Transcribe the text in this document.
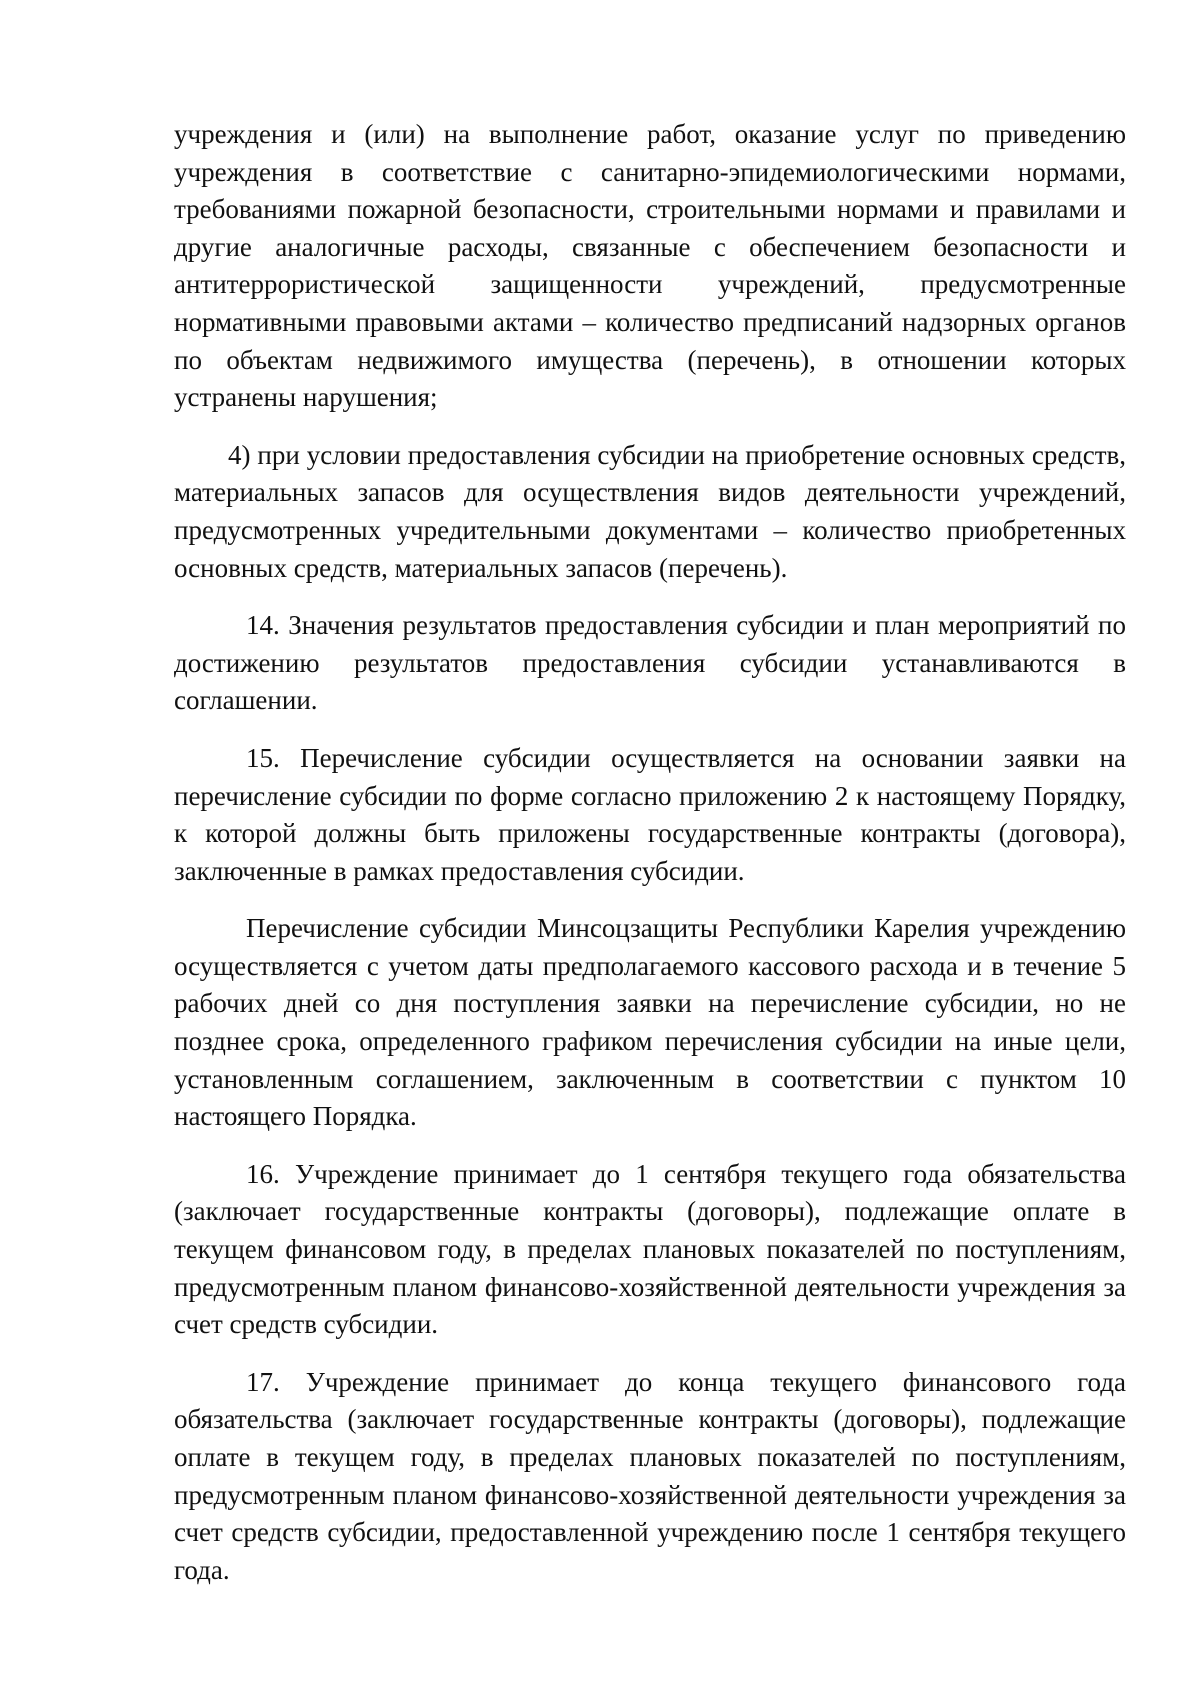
учреждения и (или) на выполнение работ, оказание услуг по приведению учреждения в соответствие с санитарно-эпидемиологическими нормами, требованиями пожарной безопасности, строительными нормами и правилами и другие аналогичные расходы, связанные с обеспечением безопасности и антитеррористической защищенности учреждений, предусмотренные нормативными правовыми актами – количество предписаний надзорных органов по объектам недвижимого имущества (перечень), в отношении которых устранены нарушения;

4) при условии предоставления субсидии на приобретение основных средств, материальных запасов для осуществления видов деятельности учреждений, предусмотренных учредительными документами – количество приобретенных основных средств, материальных запасов (перечень).

14. Значения результатов предоставления субсидии и план мероприятий по достижению результатов предоставления субсидии устанавливаются в соглашении.

15. Перечисление субсидии осуществляется на основании заявки на перечисление субсидии по форме согласно приложению 2 к настоящему Порядку, к которой должны быть приложены государственные контракты (договора), заключенные в рамках предоставления субсидии.

Перечисление субсидии Минсоцзащиты Республики Карелия учреждению осуществляется с учетом даты предполагаемого кассового расхода и в течение 5 рабочих дней со дня поступления заявки на перечисление субсидии, но не позднее срока, определенного графиком перечисления субсидии на иные цели, установленным соглашением, заключенным в соответствии с пунктом 10 настоящего Порядка.

16. Учреждение принимает до 1 сентября текущего года обязательства (заключает государственные контракты (договоры), подлежащие оплате в текущем финансовом году, в пределах плановых показателей по поступлениям, предусмотренным планом финансово-хозяйственной деятельности учреждения за счет средств субсидии.

17. Учреждение принимает до конца текущего финансового года обязательства (заключает государственные контракты (договоры), подлежащие оплате в текущем году, в пределах плановых показателей по поступлениям, предусмотренным планом финансово-хозяйственной деятельности учреждения за счет средств субсидии, предоставленной учреждению после 1 сентября текущего года.
